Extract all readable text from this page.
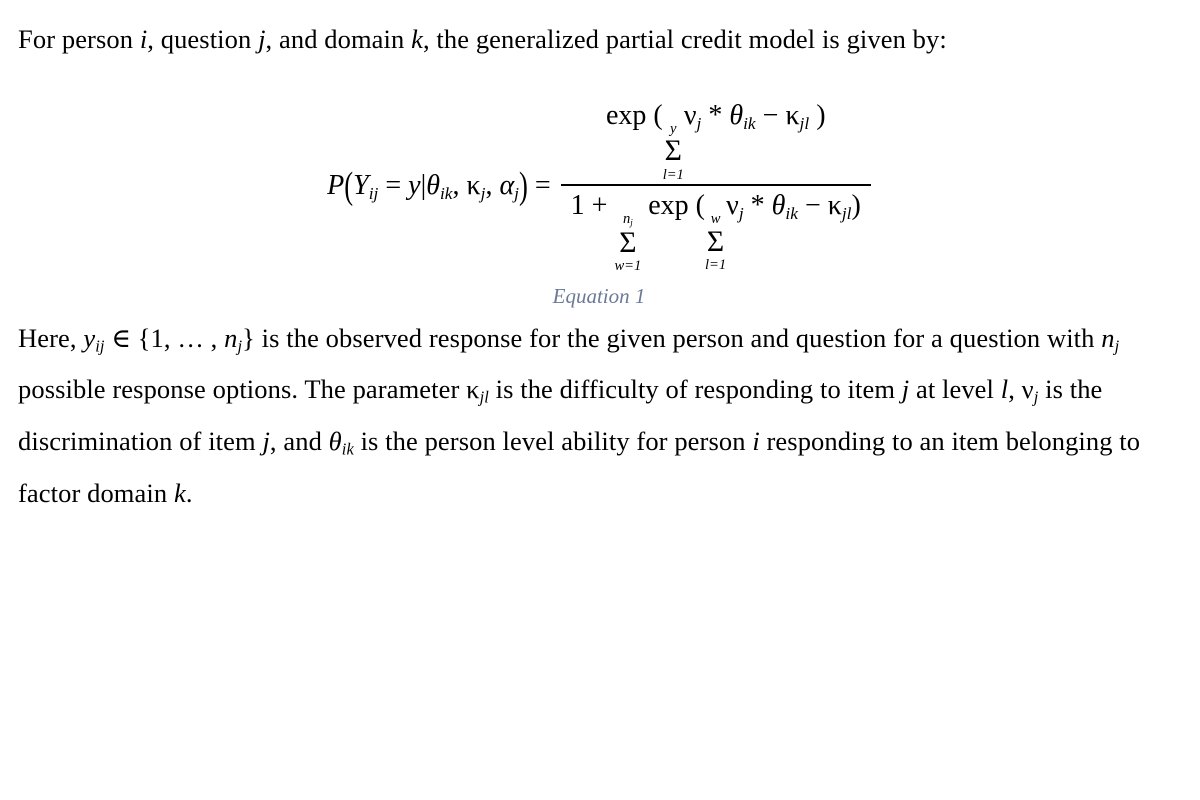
For person i, question j, and domain k, the generalized partial credit model is given by:

$P(Y_{ij} = y|\theta_{ik}$, $\kappa_j$, $\alpha_j) = \exp$ ( y
Σ
l=1
$\nu_j * \theta_{ik} - \kappa_{jl}$ )
$1 + n_j$
Σ
w=1
exp ( w
Σ
l=1
$\nu_j * \theta_{ik} - \kappa_{jl}$)
Equation 1

Here, $y_{ij}$ ∈ {1, … , $n_j$} is the observed response for the given person and question for a question with $n_j$ possible response options. The parameter $\kappa_{jl}$ is the difficulty of responding to item j at level l, $\nu_j$ is the discrimination of item j, and $\theta_{ik}$ is the person level ability for person i responding to an item belonging to factor domain k.
